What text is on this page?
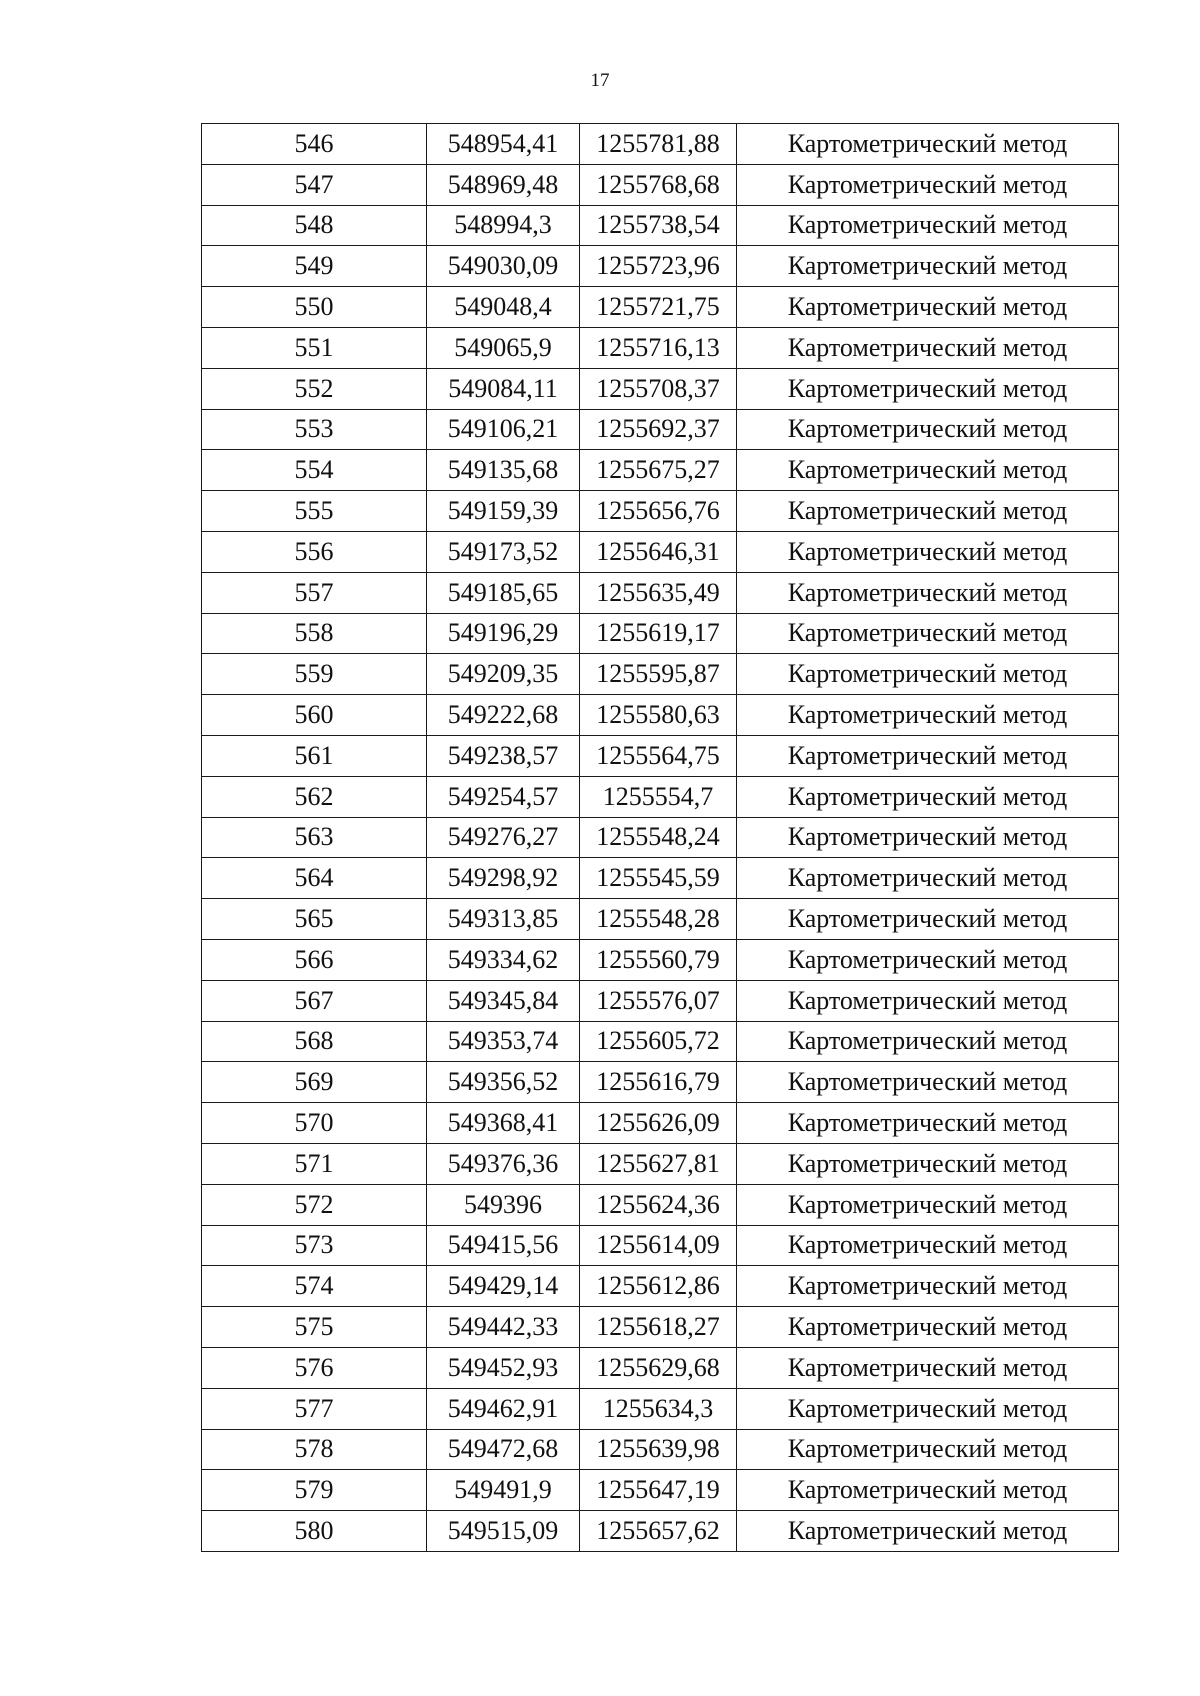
17
546	548954,41	1255781,88	Картометрический метод
547	548969,48	1255768,68	Картометрический метод
548	548994,3	1255738,54	Картометрический метод
549	549030,09	1255723,96	Картометрический метод
550	549048,4	1255721,75	Картометрический метод
551	549065,9	1255716,13	Картометрический метод
552	549084,11	1255708,37	Картометрический метод
553	549106,21	1255692,37	Картометрический метод
554	549135,68	1255675,27	Картометрический метод
555	549159,39	1255656,76	Картометрический метод
556	549173,52	1255646,31	Картометрический метод
557	549185,65	1255635,49	Картометрический метод
558	549196,29	1255619,17	Картометрический метод
559	549209,35	1255595,87	Картометрический метод
560	549222,68	1255580,63	Картометрический метод
561	549238,57	1255564,75	Картометрический метод
562	549254,57	1255554,7	Картометрический метод
563	549276,27	1255548,24	Картометрический метод
564	549298,92	1255545,59	Картометрический метод
565	549313,85	1255548,28	Картометрический метод
566	549334,62	1255560,79	Картометрический метод
567	549345,84	1255576,07	Картометрический метод
568	549353,74	1255605,72	Картометрический метод
569	549356,52	1255616,79	Картометрический метод
570	549368,41	1255626,09	Картометрический метод
571	549376,36	1255627,81	Картометрический метод
572	549396	1255624,36	Картометрический метод
573	549415,56	1255614,09	Картометрический метод
574	549429,14	1255612,86	Картометрический метод
575	549442,33	1255618,27	Картометрический метод
576	549452,93	1255629,68	Картометрический метод
577	549462,91	1255634,3	Картометрический метод
578	549472,68	1255639,98	Картометрический метод
579	549491,9	1255647,19	Картометрический метод
580	549515,09	1255657,62	Картометрический метод
